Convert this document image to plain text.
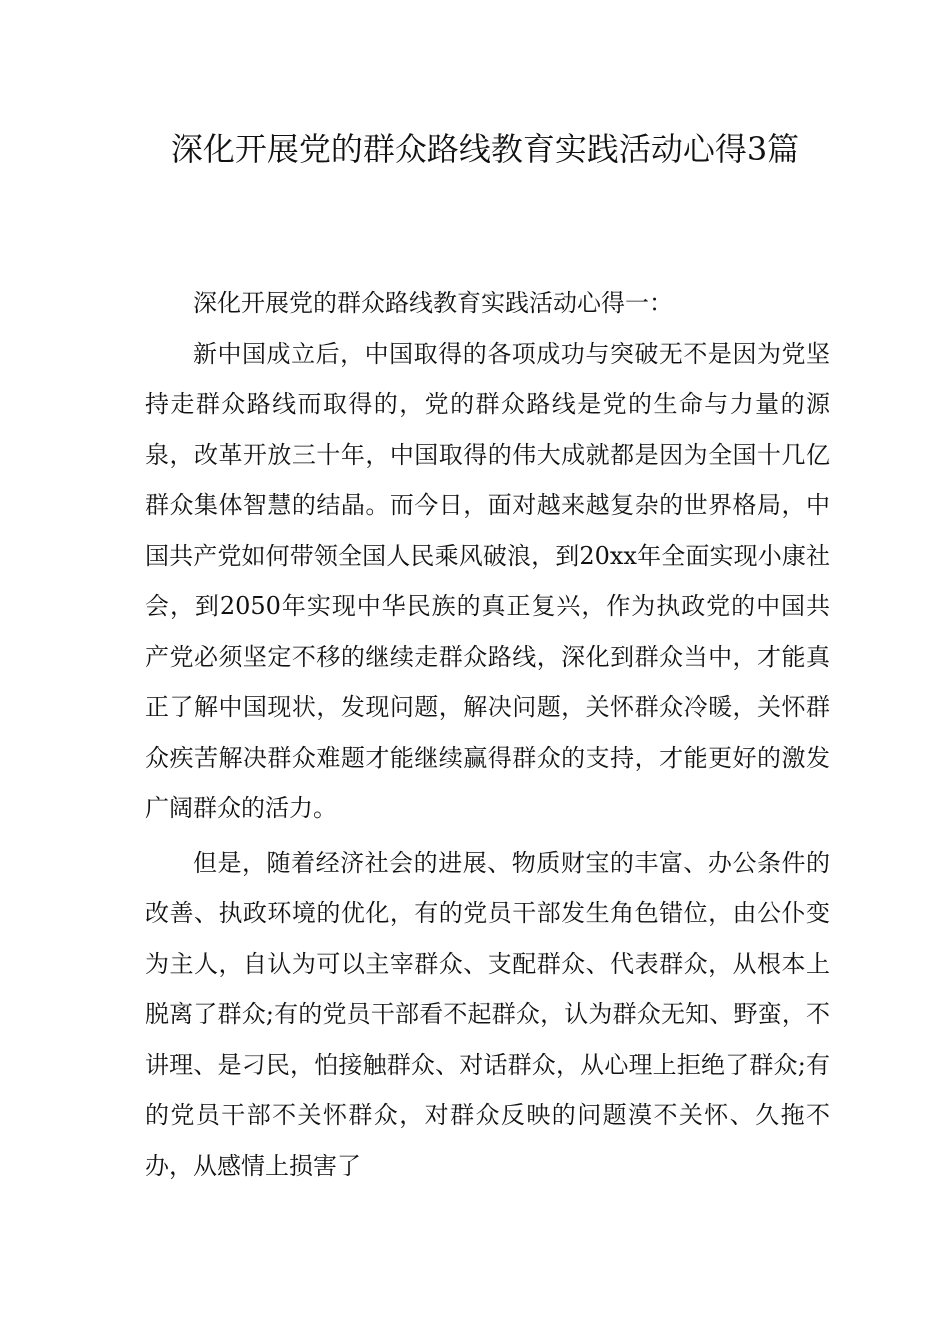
深化开展党的群众路线教育实践活动心得3篇

深化开展党的群众路线教育实践活动心得一：

新中国成立后，中国取得的各项成功与突破无不是因为党坚持走群众路线而取得的，党的群众路线是党的生命与力量的源泉，改革开放三十年，中国取得的伟大成就都是因为全国十几亿群众集体智慧的结晶。而今日，面对越来越复杂的世界格局，中国共产党如何带领全国人民乘风破浪，到20xx年全面实现小康社会，到2050年实现中华民族的真正复兴，作为执政党的中国共产党必须坚定不移的继续走群众路线，深化到群众当中，才能真正了解中国现状，发现问题，解决问题，关怀群众冷暖，关怀群众疾苦解决群众难题才能继续赢得群众的支持，才能更好的激发广阔群众的活力。

但是，随着经济社会的进展、物质财宝的丰富、办公条件的改善、执政环境的优化，有的党员干部发生角色错位，由公仆变为主人，自认为可以主宰群众、支配群众、代表群众，从根本上脱离了群众;有的党员干部看不起群众，认为群众无知、野蛮，不讲理、是刁民，怕接触群众、对话群众，从心理上拒绝了群众;有的党员干部不关怀群众，对群众反映的问题漠不关怀、久拖不办，从感情上损害了
